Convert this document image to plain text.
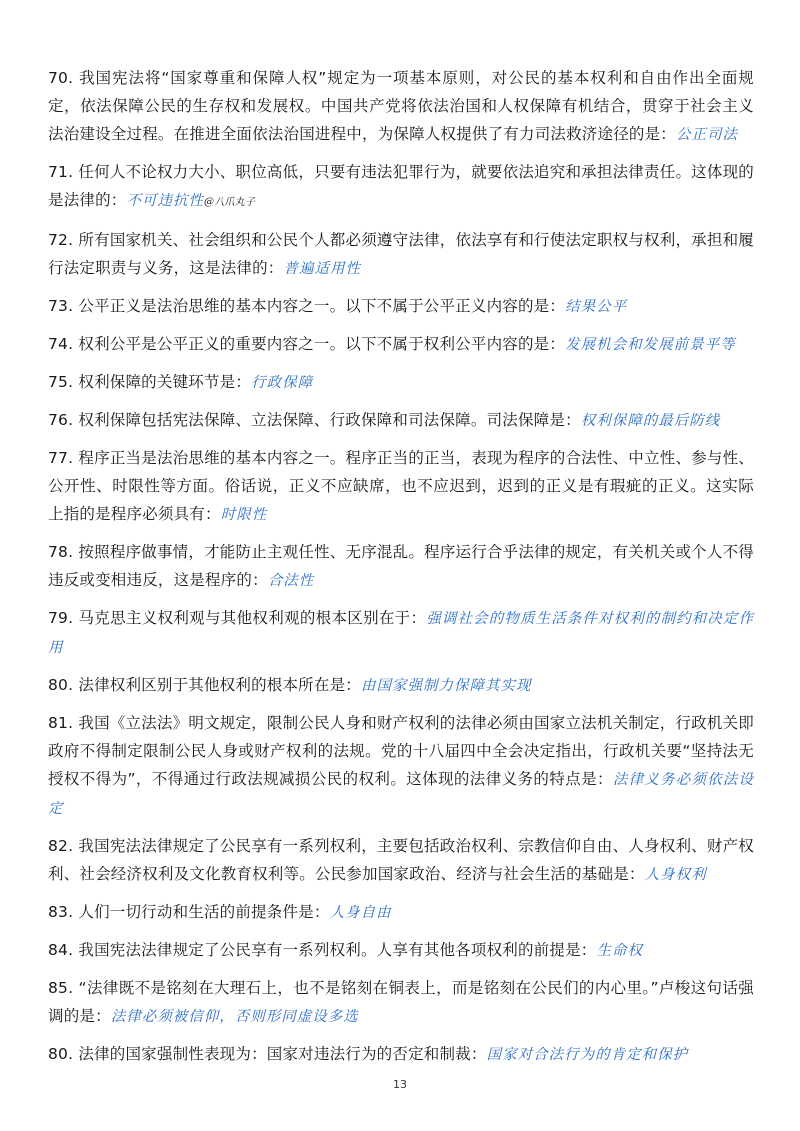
70. 我国宪法将“国家尊重和保障人权”规定为一项基本原则，对公民的基本权利和自由作出全面规定，依法保障公民的生存权和发展权。中国共产党将依法治国和人权保障有机结合，贯穿于社会主义法治建设全过程。在推进全面依法治国进程中，为保障人权提供了有力司法救济途径的是：公正司法

71. 任何人不论权力大小、职位高低，只要有违法犯罪行为，就要依法追究和承担法律责任。这体现的是法律的：不可违抗性@八爪丸子

72. 所有国家机关、社会组织和公民个人都必须遵守法律，依法享有和行使法定职权与权利，承担和履行法定职责与义务，这是法律的：普遍适用性

73. 公平正义是法治思维的基本内容之一。以下不属于公平正义内容的是：结果公平

74. 权利公平是公平正义的重要内容之一。以下不属于权利公平内容的是：发展机会和发展前景平等

75. 权利保障的关键环节是：行政保障

76. 权利保障包括宪法保障、立法保障、行政保障和司法保障。司法保障是：权利保障的最后防线

77. 程序正当是法治思维的基本内容之一。程序正当的正当，表现为程序的合法性、中立性、参与性、公开性、时限性等方面。俗话说，正义不应缺席，也不应迟到，迟到的正义是有瑕疵的正义。这实际上指的是程序必须具有：时限性

78. 按照程序做事情，才能防止主观任性、无序混乱。程序运行合乎法律的规定，有关机关或个人不得违反或变相违反，这是程序的：合法性

79. 马克思主义权利观与其他权利观的根本区别在于：强调社会的物质生活条件对权利的制约和决定作用

80. 法律权利区别于其他权利的根本所在是：由国家强制力保障其实现

81. 我国《立法法》明文规定，限制公民人身和财产权利的法律必须由国家立法机关制定，行政机关即政府不得制定限制公民人身或财产权利的法规。党的十八届四中全会决定指出，行政机关要“坚持法无授权不得为”，不得通过行政法规减损公民的权利。这体现的法律义务的特点是：法律义务必须依法设定

82. 我国宪法法律规定了公民享有一系列权利，主要包括政治权利、宗教信仰自由、人身权利、财产权利、社会经济权利及文化教育权利等。公民参加国家政治、经济与社会生活的基础是：人身权利

83. 人们一切行动和生活的前提条件是：人身自由

84. 我国宪法法律规定了公民享有一系列权利。人享有其他各项权利的前提是：生命权

85. “法律既不是铭刻在大理石上，也不是铭刻在铜表上，而是铭刻在公民们的内心里。”卢梭这句话强调的是：法律必须被信仰，否则形同虚设多选

80. 法律的国家强制性表现为：国家对违法行为的否定和制裁：国家对合法行为的肯定和保护

13
